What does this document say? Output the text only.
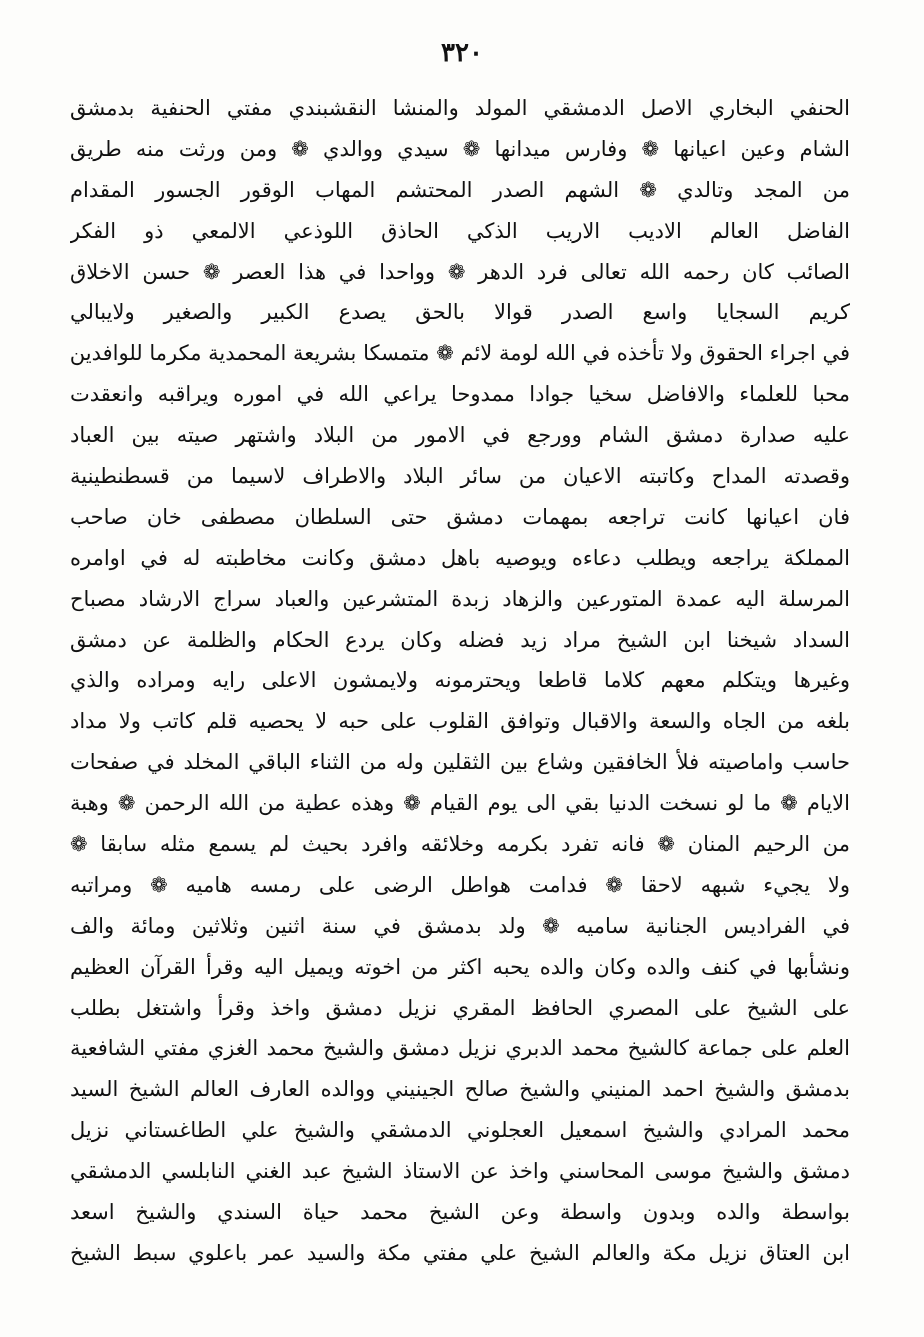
٣٢٠
الحنفي البخاري الاصل الدمشقي المولد والمنشا النقشبندي مفتي الحنفية بدمشق
الشام وعين اعيانها ❁ وفارس ميدانها ❁ سيدي ووالدي ❁ ومن ورثت منه طريق
من المجد وتالدي ❁ الشهم الصدر المحتشم المهاب الوقور الجسور المقدام
الفاضل العالم الاديب الاريب الذكي الحاذق اللوذعي الالمعي ذو الفكر
الصائب كان رحمه الله تعالى فرد الدهر ❁ وواحدا في هذا العصر ❁ حسن الاخلاق
كريم السجايا واسع الصدر قوالا بالحق يصدع الكبير والصغير ولايبالي
في اجراء الحقوق ولا تأخذه في الله لومة لائم ❁ متمسكا بشريعة المحمدية مكرما للوافدين
محبا للعلماء والافاضل سخيا جوادا ممدوحا يراعي الله في اموره ويراقبه وانعقدت
عليه صدارة دمشق الشام وورجع في الامور من البلاد واشتهر صيته بين العباد
وقصدته المداح وكاتبته الاعيان من سائر البلاد والاطراف لاسيما من قسطنطينية
فان اعيانها كانت تراجعه بمهمات دمشق حتى السلطان مصطفى خان صاحب
المملكة يراجعه ويطلب دعاءه ويوصيه باهل دمشق وكانت مخاطبته له في اوامره
المرسلة اليه عمدة المتورعين والزهاد زبدة المتشرعين والعباد سراج الارشاد مصباح
السداد شيخنا ابن الشيخ مراد زيد فضله وكان يردع الحكام والظلمة عن دمشق
وغيرها ويتكلم معهم كلاما قاطعا ويحترمونه ولايمشون الاعلى رايه ومراده والذي
بلغه من الجاه والسعة والاقبال وتوافق القلوب على حبه لا يحصيه قلم كاتب ولا مداد
حاسب واماصيته فلأ الخافقين وشاع بين الثقلين وله من الثناء الباقي المخلد في صفحات
الايام ❁ ما لو نسخت الدنيا بقي الى يوم القيام ❁ وهذه عطية من الله الرحمن ❁ وهبة
من الرحيم المنان ❁ فانه تفرد بكرمه وخلائقه وافرد بحيث لم يسمع مثله سابقا ❁
ولا يجيء شبهه لاحقا ❁ فدامت هواطل الرضى على رمسه هاميه ❁ ومراتبه
في الفراديس الجنانية ساميه ❁ ولد بدمشق في سنة اثنين وثلاثين ومائة والف
ونشأبها في كنف والده وكان والده يحبه اكثر من اخوته ويميل اليه وقرأ القرآن العظيم
على الشيخ على المصري الحافظ المقري نزيل دمشق واخذ وقرأ واشتغل بطلب
العلم على جماعة كالشيخ محمد الدبري نزيل دمشق والشيخ محمد الغزي مفتي الشافعية
بدمشق والشيخ احمد المنيني والشيخ صالح الجينيني ووالده العارف العالم الشيخ السيد
محمد المرادي والشيخ اسمعيل العجلوني الدمشقي والشيخ علي الطاغستاني نزيل
دمشق والشيخ موسى المحاسني واخذ عن الاستاذ الشيخ عبد الغني النابلسي الدمشقي
بواسطة والده وبدون واسطة وعن الشيخ محمد حياة السندي والشيخ اسعد
ابن العتاق نزيل مكة والعالم الشيخ علي مفتي مكة والسيد عمر باعلوي سبط الشيخ
